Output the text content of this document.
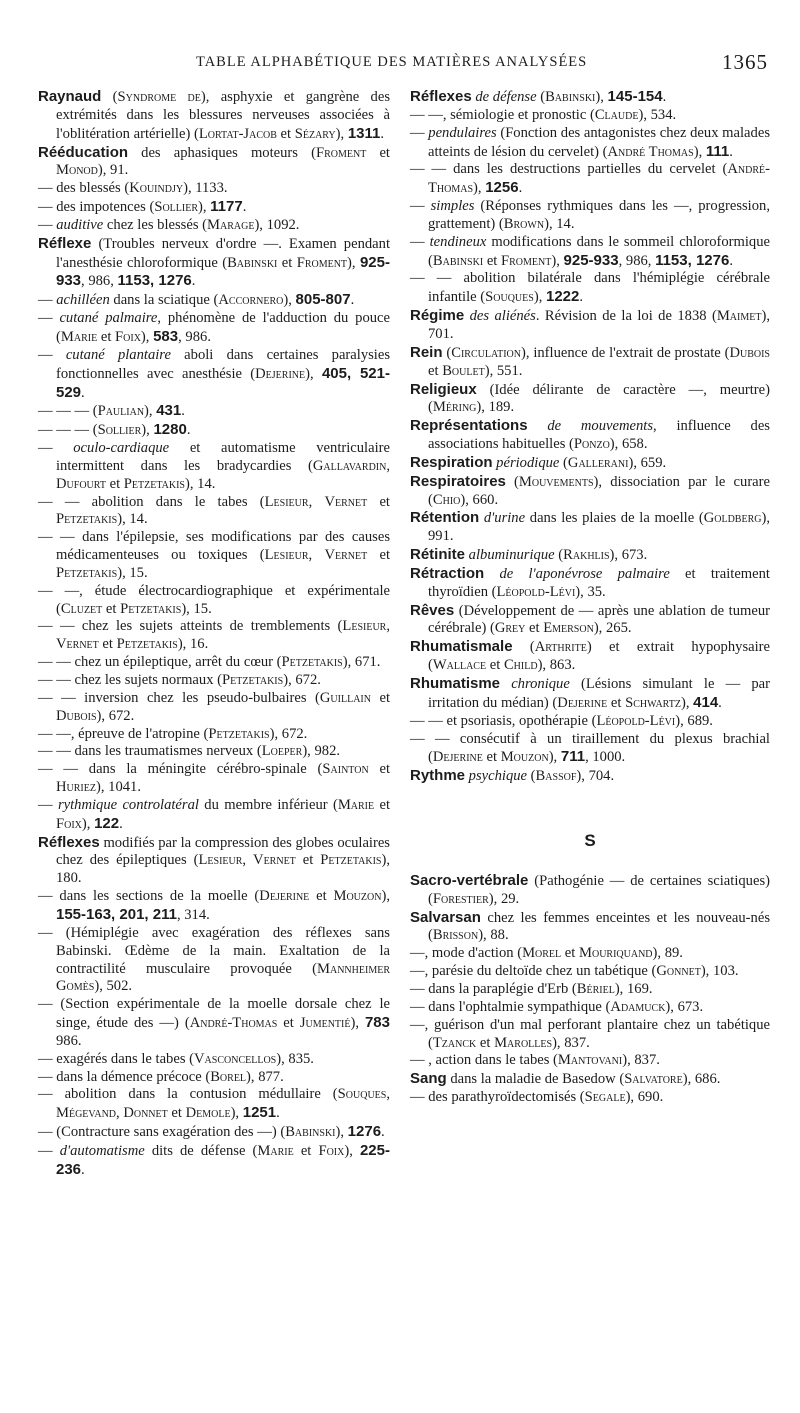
TABLE ALPHABÉTIQUE DES MATIÈRES ANALYSÉES	1365

Raynaud (Syndrome de), asphyxie et gangrène des extrémités dans les blessures nerveuses associées à l'oblitération artérielle) (Lortat-Jacob et Sézary), 1311.

Rééducation des aphasiques moteurs (Froment et Monod), 91.

— des blessés (Kouindjy), 1133.

— des impotences (Sollier), 1177.

— auditive chez les blessés (Marage), 1092.

Réflexe (Troubles nerveux d'ordre —. Examen pendant l'anesthésie chloroformique (Babinski et Froment), 925-933, 986, 1153, 1276.

— achilléen dans la sciatique (Accornero), 805-807.

— cutané palmaire, phénomène de l'adduction du pouce (Marie et Foix), 583, 986.

— cutané plantaire aboli dans certaines paralysies fonctionnelles avec anesthésie (Dejerine), 405, 521-529.

— — — (Paulian), 431.

— — — (Sollier), 1280.

— oculo-cardiaque et automatisme ventriculaire intermittent dans les bradycardies (Gallavardin, Dufourt et Petzetakis), 14.

— — abolition dans le tabes (Lesieur, Vernet et Petzetakis), 14.

— — dans l'épilepsie, ses modifications par des causes médicamenteuses ou toxiques (Lesieur, Vernet et Petzetakis), 15.

— —, étude électrocardiographique et expérimentale (Cluzet et Petzetakis), 15.

— — chez les sujets atteints de tremblements (Lesieur, Vernet et Petzetakis), 16.

— — chez un épileptique, arrêt du cœur (Petzetakis), 671.

— — chez les sujets normaux (Petzetakis), 672.

— — inversion chez les pseudo-bulbaires (Guillain et Dubois), 672.

— —, épreuve de l'atropine (Petzetakis), 672.

— — dans les traumatismes nerveux (Loeper), 982.

— — dans la méningite cérébro-spinale (Sainton et Huriez), 1041.

— rythmique controlatéral du membre inférieur (Marie et Foix), 122.

Réflexes modifiés par la compression des globes oculaires chez des épileptiques (Lesieur, Vernet et Petzetakis), 180.

— dans les sections de la moelle (Dejerine et Mouzon), 155-163, 201, 211, 314.

— (Hémiplégie avec exagération des réflexes sans Babinski. Œdème de la main. Exaltation de la contractilité musculaire provoquée (Mannheimer Gomès), 502.

— (Section expérimentale de la moelle dorsale chez le singe, étude des —) (André-Thomas et Jumentié), 783 986.

— exagérés dans le tabes (Vasconcellos), 835.

— dans la démence précoce (Borel), 877.

— abolition dans la contusion médullaire (Souques, Mégevand, Donnet et Demole), 1251.

— (Contracture sans exagération des —) (Babinski), 1276.

— d'automatisme dits de défense (Marie et Foix), 225-236.

Réflexes de défense (Babinski), 145-154.

— —, sémiologie et pronostic (Claude), 534.

— pendulaires (Fonction des antagonistes chez deux malades atteints de lésion du cervelet) (André Thomas), 111.

— — dans les destructions partielles du cervelet (André-Thomas), 1256.

— simples (Réponses rythmiques dans les —, progression, grattement) (Brown), 14.

— tendineux modifications dans le sommeil chloroformique (Babinski et Froment), 925-933, 986, 1153, 1276.

— — abolition bilatérale dans l'hémiplégie cérébrale infantile (Souques), 1222.

Régime des aliénés. Révision de la loi de 1838 (Maimet), 701.

Rein (Circulation), influence de l'extrait de prostate (Dubois et Boulet), 551.

Religieux (Idée délirante de caractère —, meurtre) (Méring), 189.

Représentations de mouvements, influence des associations habituelles (Ponzo), 658.

Respiration périodique (Gallerani), 659.

Respiratoires (Mouvements), dissociation par le curare (Chio), 660.

Rétention d'urine dans les plaies de la moelle (Goldberg), 991.

Rétinite albuminurique (Rakhlis), 673.

Rétraction de l'aponévrose palmaire et traitement thyroïdien (Léopold-Lévi), 35.

Rêves (Développement de — après une ablation de tumeur cérébrale) (Grey et Emerson), 265.

Rhumatismale (Arthrite) et extrait hypophysaire (Wallace et Child), 863.

Rhumatisme chronique (Lésions simulant le — par irritation du médian) (Dejerine et Schwartz), 414.

— — et psoriasis, opothérapie (Léopold-Lévi), 689.

— — consécutif à un tiraillement du plexus brachial (Dejerine et Mouzon), 711, 1000.

Rythme psychique (Bassof), 704.

S

Sacro-vertébrale (Pathogénie — de certaines sciatiques) (Forestier), 29.

Salvarsan chez les femmes enceintes et les nouveau-nés (Brisson), 88.

—, mode d'action (Morel et Mouriquand), 89.

—, parésie du deltoïde chez un tabétique (Gonnet), 103.

— dans la paraplégie d'Erb (Bériel), 169.

— dans l'ophtalmie sympathique (Adamuck), 673.

—, guérison d'un mal perforant plantaire chez un tabétique (Tzanck et Marolles), 837.

— , action dans le tabes (Mantovani), 837.

Sang dans la maladie de Basedow (Salvatore), 686.

— des parathyroïdectomisés (Segale), 690.
